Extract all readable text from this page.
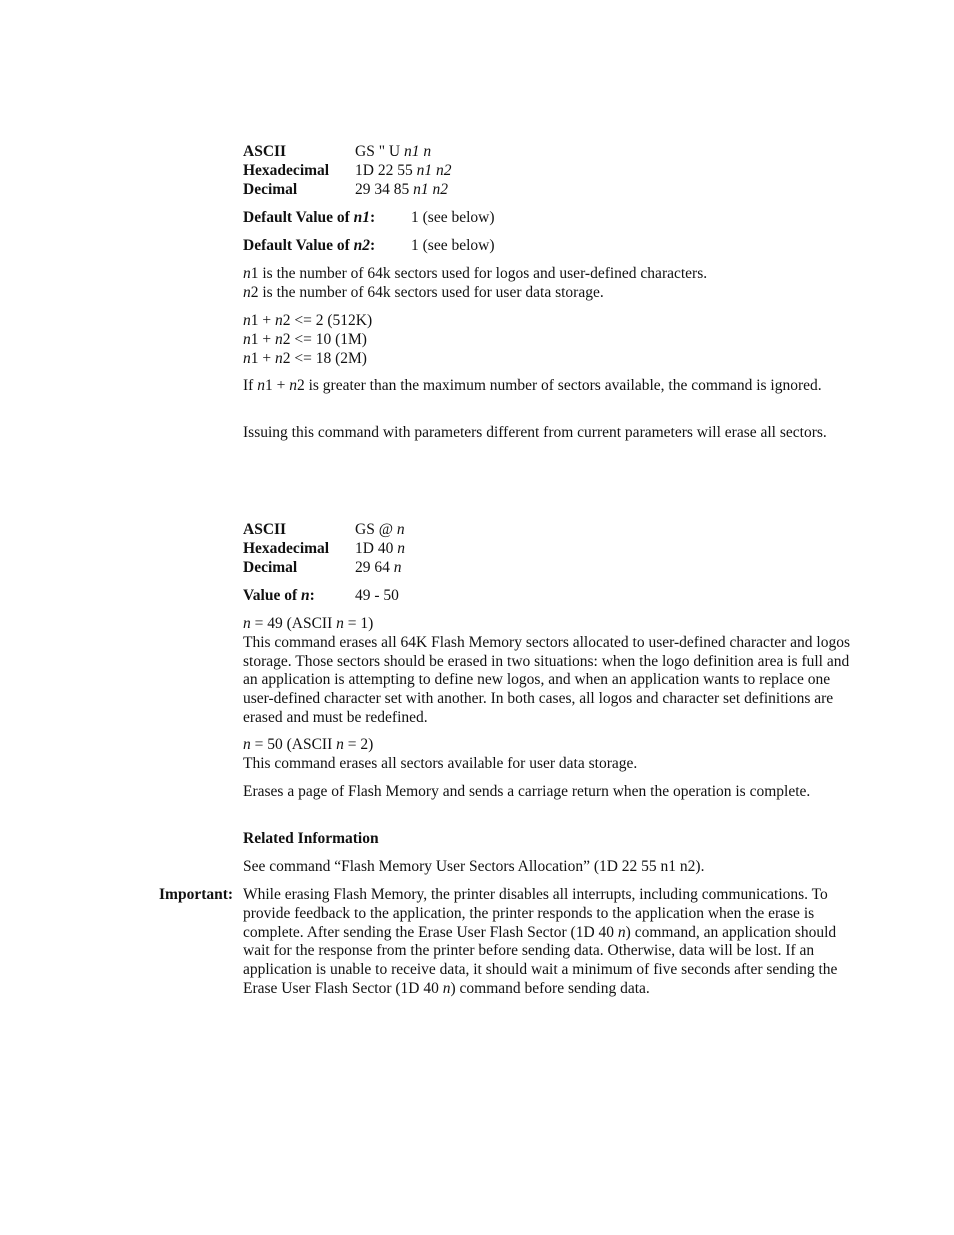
ASCII	GS " U n1 n
Hexadecimal	1D 22 55 n1 n2
Decimal	29 34 85 n1 n2
Default Value of n1:	1 (see below)
Default Value of n2:	1 (see below)

n1 is the number of 64k sectors used for logos and user-defined characters.

n2 is the number of 64k sectors used for user data storage.

n1 + n2 <= 2 (512K)

n1 + n2 <= 10 (1M)

n1 + n2 <= 18 (2M)

If n1 + n2 is greater than the maximum number of sectors available, the command is ignored.

Issuing this command with parameters different from current parameters will erase all sectors.

ASCII	GS @ n
Hexadecimal	1D 40 n
Decimal	29 64 n
Value of n:	49 - 50

n = 49 (ASCII n = 1)

This command erases all 64K Flash Memory sectors allocated to user-defined character and logos storage. Those sectors should be erased in two situations: when the logo definition area is full and an application is attempting to define new logos, and when an application wants to replace one user-defined character set with another. In both cases, all logos and character set definitions are erased and must be redefined.

n = 50 (ASCII n = 2)

This command erases all sectors available for user data storage.

Erases a page of Flash Memory and sends a carriage return when the operation is complete.

Related Information

See command “Flash Memory User Sectors Allocation” (1D 22 55 n1 n2).

Important: While erasing Flash Memory, the printer disables all interrupts, including communications. To provide feedback to the application, the printer responds to the application when the erase is complete. After sending the Erase User Flash Sector (1D 40 n) command, an application should wait for the response from the printer before sending data. Otherwise, data will be lost. If an application is unable to receive data, it should wait a minimum of five seconds after sending the Erase User Flash Sector (1D 40 n) command before sending data.
